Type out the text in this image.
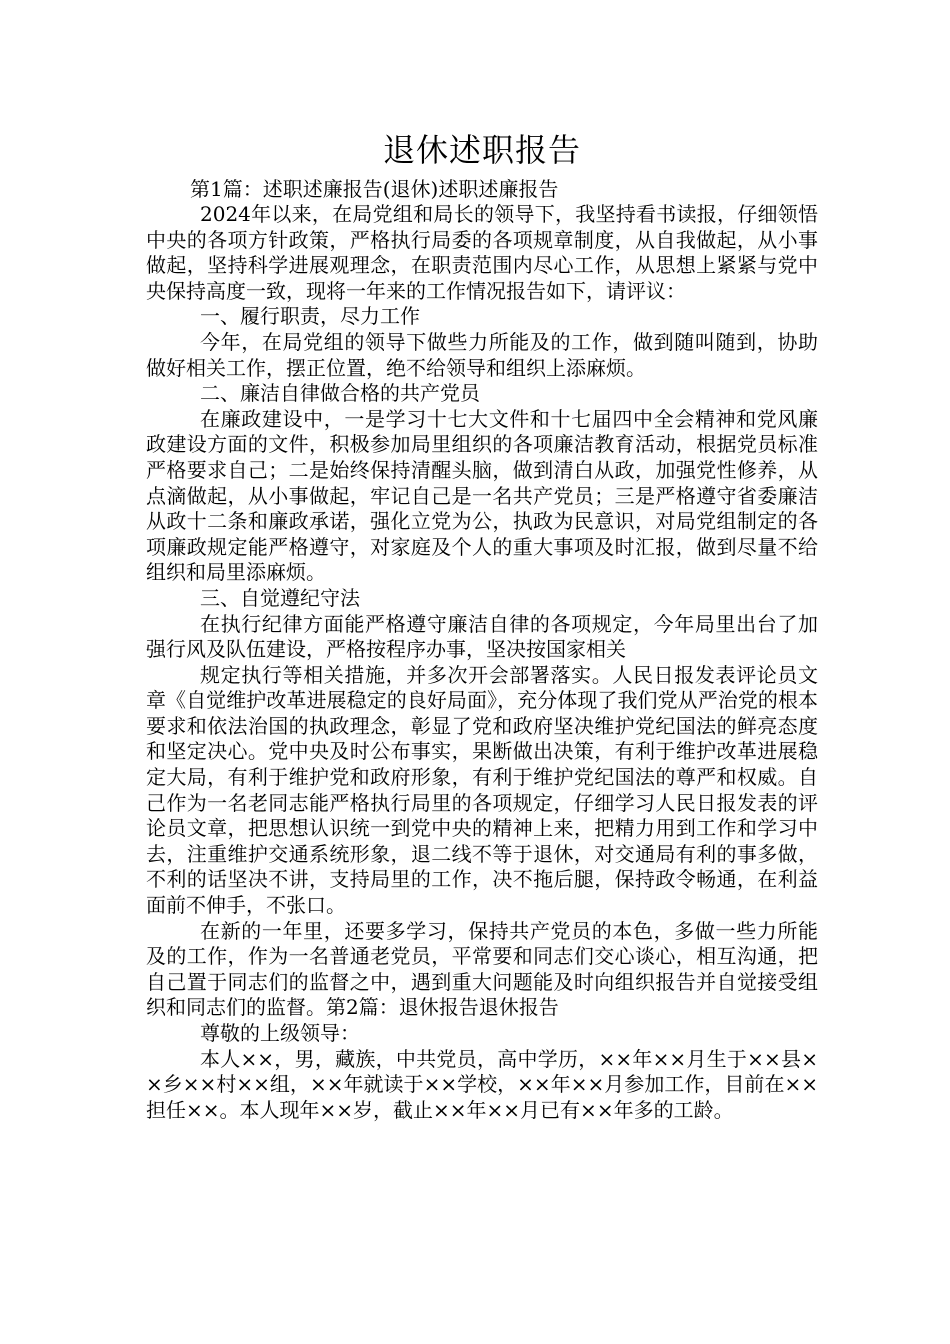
退休述职报告

第1篇：述职述廉报告(退休)述职述廉报告

2024年以来，在局党组和局长的领导下，我坚持看书读报，仔细领悟中央的各项方针政策，严格执行局委的各项规章制度，从自我做起，从小事做起，坚持科学进展观理念，在职责范围内尽心工作，从思想上紧紧与党中央保持高度一致，现将一年来的工作情况报告如下，请评议：

一、履行职责，尽力工作

今年，在局党组的领导下做些力所能及的工作，做到随叫随到，协助做好相关工作，摆正位置，绝不给领导和组织上添麻烦。

二、廉洁自律做合格的共产党员

在廉政建设中，一是学习十七大文件和十七届四中全会精神和党风廉政建设方面的文件，积极参加局里组织的各项廉洁教育活动，根据党员标准严格要求自己；二是始终保持清醒头脑，做到清白从政，加强党性修养，从点滴做起，从小事做起，牢记自己是一名共产党员；三是严格遵守省委廉洁从政十二条和廉政承诺，强化立党为公，执政为民意识，对局党组制定的各项廉政规定能严格遵守，对家庭及个人的重大事项及时汇报，做到尽量不给组织和局里添麻烦。

三、自觉遵纪守法

在执行纪律方面能严格遵守廉洁自律的各项规定，今年局里出台了加强行风及队伍建设，严格按程序办事，坚决按国家相关

规定执行等相关措施，并多次开会部署落实。人民日报发表评论员文章《自觉维护改革进展稳定的良好局面》，充分体现了我们党从严治党的根本要求和依法治国的执政理念，彰显了党和政府坚决维护党纪国法的鲜亮态度和坚定决心。党中央及时公布事实，果断做出决策，有利于维护改革进展稳定大局，有利于维护党和政府形象，有利于维护党纪国法的尊严和权威。自己作为一名老同志能严格执行局里的各项规定，仔细学习人民日报发表的评论员文章，把思想认识统一到党中央的精神上来，把精力用到工作和学习中去，注重维护交通系统形象，退二线不等于退休，对交通局有利的事多做，不利的话坚决不讲，支持局里的工作，决不拖后腿，保持政令畅通，在利益面前不伸手，不张口。

在新的一年里，还要多学习，保持共产党员的本色，多做一些力所能及的工作，作为一名普通老党员，平常要和同志们交心谈心，相互沟通，把自己置于同志们的监督之中，遇到重大问题能及时向组织报告并自觉接受组织和同志们的监督。第2篇：退休报告退休报告

尊敬的上级领导：

本人××，男，藏族，中共党员，高中学历，××年××月生于××县××乡××村××组，××年就读于××学校，××年××月参加工作，目前在××担任××。本人现年××岁，截止××年××月已有××年多的工龄。
